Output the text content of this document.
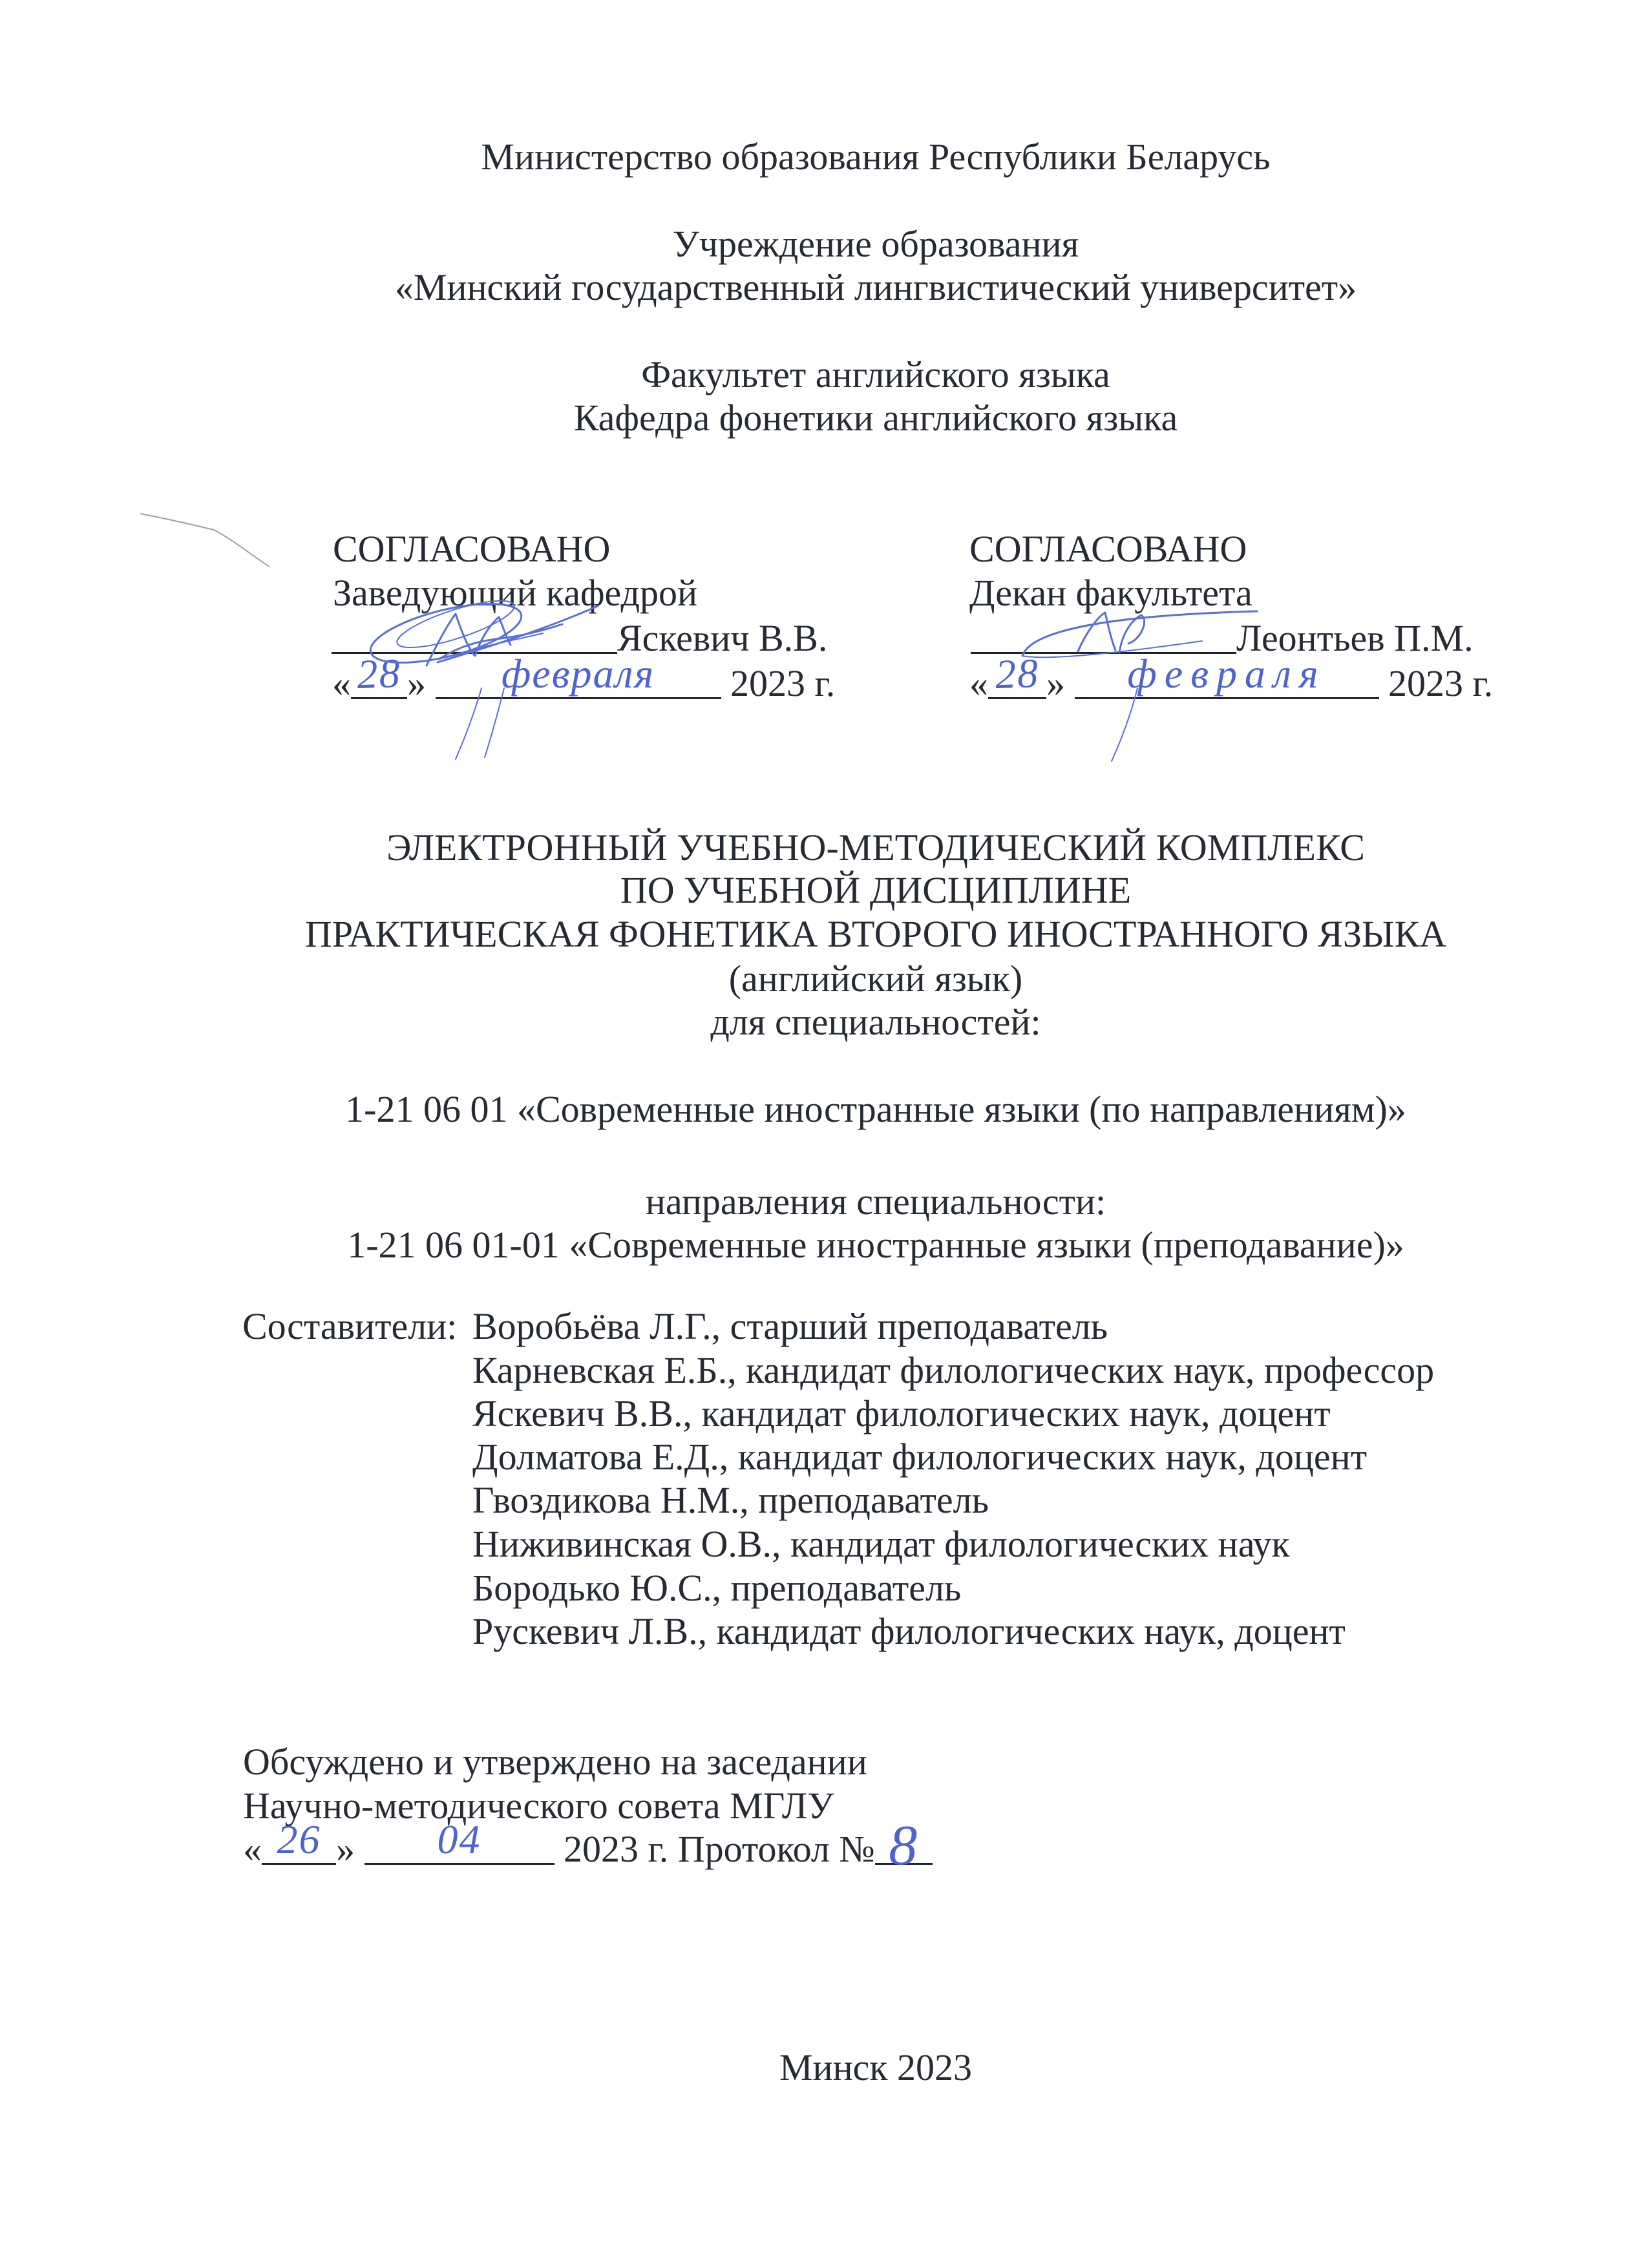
Министерство образования Республики Беларусь
Учреждение образования
«Минский государственный лингвистический университет»
Факультет английского языка
Кафедра фонетики английского языка
СОГЛАСОВАНО
Заведующий кафедрой
Яскевич В.В.
« 28 »	февраля	2023 г.
СОГЛАСОВАНО
Декан факультета
Леонтьев П.М.
« 28 »	февраля	2023 г.
ЭЛЕКТРОННЫЙ УЧЕБНО-МЕТОДИЧЕСКИЙ КОМПЛЕКС
ПО УЧЕБНОЙ ДИСЦИПЛИНЕ
ПРАКТИЧЕСКАЯ ФОНЕТИКА ВТОРОГО ИНОСТРАННОГО ЯЗЫКА
(английский язык)
для специальностей:
1-21 06 01 «Современные иностранные языки (по направлениям)»
направления специальности:
1-21 06 01-01 «Современные иностранные языки (преподавание)»
Составители: Воробьёва Л.Г., старший преподаватель
Карневская Е.Б., кандидат филологических наук, профессор
Яскевич В.В., кандидат филологических наук, доцент
Долматова Е.Д., кандидат филологических наук, доцент
Гвоздикова Н.М., преподаватель
Ниживинская О.В., кандидат филологических наук
Бородько Ю.С., преподаватель
Рускевич Л.В., кандидат филологических наук, доцент
Обсуждено и утверждено на заседании
Научно-методического совета МГЛУ
« 26 »	04	2023 г. Протокол № 8
Минск 2023
